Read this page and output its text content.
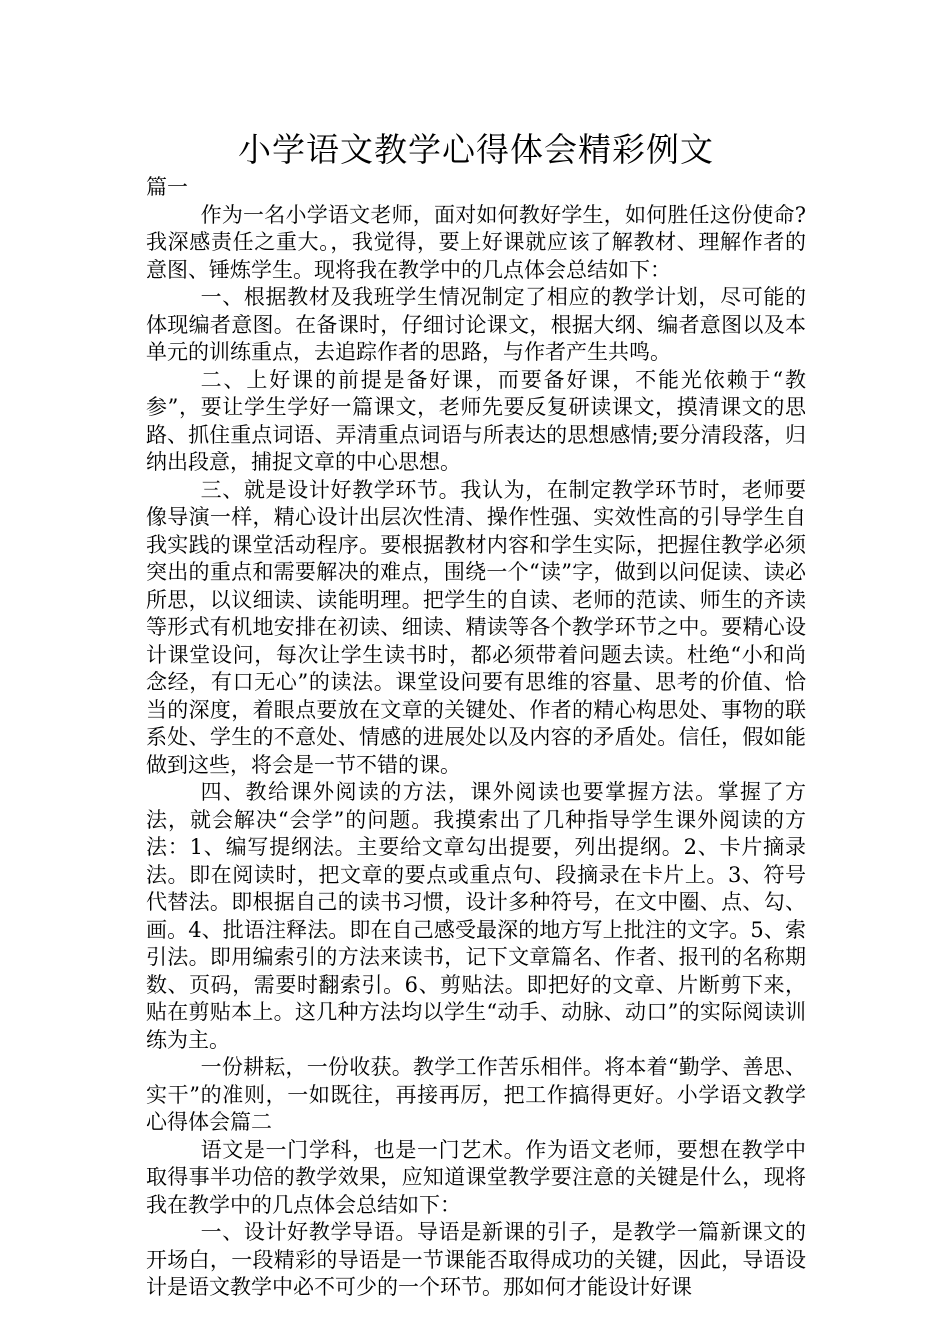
小学语文教学心得体会精彩例文

篇一

作为一名小学语文老师，面对如何教好学生，如何胜任这份使命?我深感责任之重大。，我觉得，要上好课就应该了解教材、理解作者的意图、锤炼学生。现将我在教学中的几点体会总结如下：

一、根据教材及我班学生情况制定了相应的教学计划，尽可能的体现编者意图。在备课时，仔细讨论课文，根据大纲、编者意图以及本单元的训练重点，去追踪作者的思路，与作者产生共鸣。

二、上好课的前提是备好课，而要备好课，不能光依赖于“教参”，要让学生学好一篇课文，老师先要反复研读课文，摸清课文的思路、抓住重点词语、弄清重点词语与所表达的思想感情;要分清段落，归纳出段意，捕捉文章的中心思想。

三、就是设计好教学环节。我认为，在制定教学环节时，老师要像导演一样，精心设计出层次性清、操作性强、实效性高的引导学生自我实践的课堂活动程序。要根据教材内容和学生实际，把握住教学必须突出的重点和需要解决的难点，围绕一个“读”字，做到以问促读、读必所思，以议细读、读能明理。把学生的自读、老师的范读、师生的齐读等形式有机地安排在初读、细读、精读等各个教学环节之中。要精心设计课堂设问，每次让学生读书时，都必须带着问题去读。杜绝“小和尚念经，有口无心”的读法。课堂设问要有思维的容量、思考的价值、恰当的深度，着眼点要放在文章的关键处、作者的精心构思处、事物的联系处、学生的不意处、情感的进展处以及内容的矛盾处。信任，假如能做到这些，将会是一节不错的课。

四、教给课外阅读的方法，课外阅读也要掌握方法。掌握了方法，就会解决“会学”的问题。我摸索出了几种指导学生课外阅读的方法：1、编写提纲法。主要给文章勾出提要，列出提纲。2、卡片摘录法。即在阅读时，把文章的要点或重点句、段摘录在卡片上。3、符号代替法。即根据自己的读书习惯，设计多种符号，在文中圈、点、勾、画。4、批语注释法。即在自己感受最深的地方写上批注的文字。5、索引法。即用编索引的方法来读书，记下文章篇名、作者、报刊的名称期数、页码，需要时翻索引。6、剪贴法。即把好的文章、片断剪下来，贴在剪贴本上。这几种方法均以学生“动手、动脉、动口”的实际阅读训练为主。

一份耕耘，一份收获。教学工作苦乐相伴。将本着“勤学、善思、实干”的准则，一如既往，再接再厉，把工作搞得更好。小学语文教学心得体会篇二

语文是一门学科，也是一门艺术。作为语文老师，要想在教学中取得事半功倍的教学效果，应知道课堂教学要注意的关键是什么，现将我在教学中的几点体会总结如下：

一、设计好教学导语。导语是新课的引子，是教学一篇新课文的开场白，一段精彩的导语是一节课能否取得成功的关键，因此，导语设计是语文教学中必不可少的一个环节。那如何才能设计好课
